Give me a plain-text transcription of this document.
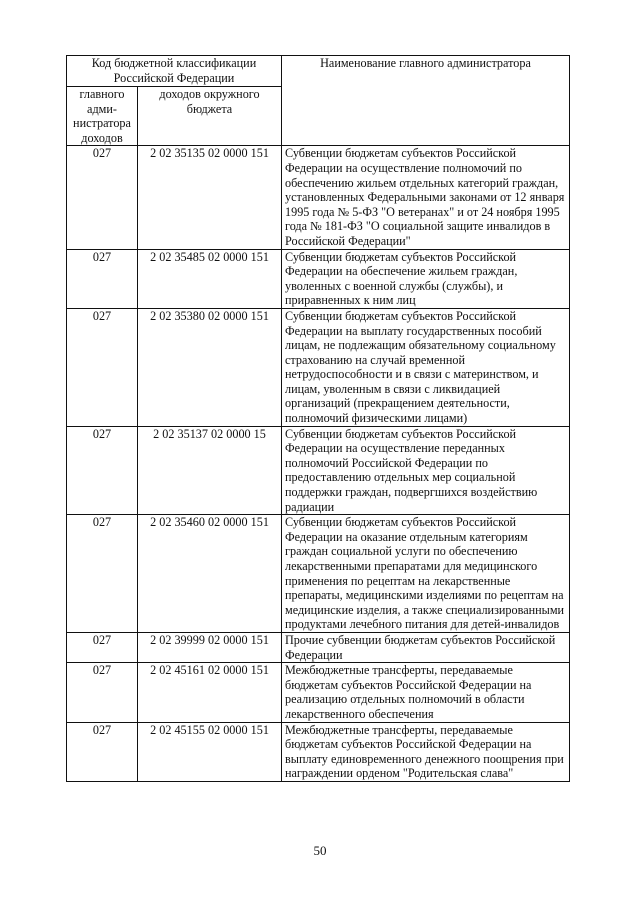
Код бюджетной классификации Российской Федерации		Наименование главного администратора
главного адми-нистратора доходов	доходов окружного бюджета	
027	2 02 35135 02 0000 151	Субвенции бюджетам субъектов Российской Федерации на осуществление полномочий по обеспечению жильем отдельных категорий граждан, установленных Федеральными законами от 12 января 1995 года № 5-ФЗ "О ветеранах" и от 24 ноября 1995 года № 181-ФЗ "О социальной защите инвалидов в Российской Федерации"
027	2 02 35485 02 0000 151	Субвенции бюджетам субъектов Российской Федерации на обеспечение жильем граждан, уволенных с военной службы (службы), и приравненных к ним лиц
027	2 02 35380 02 0000 151	Субвенции бюджетам субъектов Российской Федерации на выплату государственных пособий лицам, не подлежащим обязательному социальному страхованию на случай временной нетрудоспособности и в связи с материнством, и лицам, уволенным в связи с ликвидацией организаций (прекращением деятельности, полномочий физическими лицами)
027	2 02 35137 02 0000 15	Субвенции бюджетам субъектов Российской Федерации на осуществление переданных полномочий Российской Федерации по предоставлению отдельных мер социальной поддержки граждан, подвергшихся воздействию радиации
027	2 02 35460 02 0000 151	Субвенции бюджетам субъектов Российской Федерации на оказание отдельным категориям граждан социальной услуги по обеспечению лекарственными препаратами для медицинского применения по рецептам на лекарственные препараты, медицинскими изделиями по рецептам на медицинские изделия, а также специализированными продуктами лечебного питания для детей-инвалидов
027	2 02 39999 02 0000 151	Прочие субвенции бюджетам субъектов Российской Федерации
027	2 02 45161 02 0000 151	Межбюджетные трансферты, передаваемые бюджетам субъектов Российской Федерации на реализацию отдельных полномочий в области лекарственного обеспечения
027	2 02 45155 02 0000 151	Межбюджетные трансферты, передаваемые бюджетам субъектов Российской Федерации на выплату единовременного денежного поощрения при награждении орденом "Родительская слава"
50
